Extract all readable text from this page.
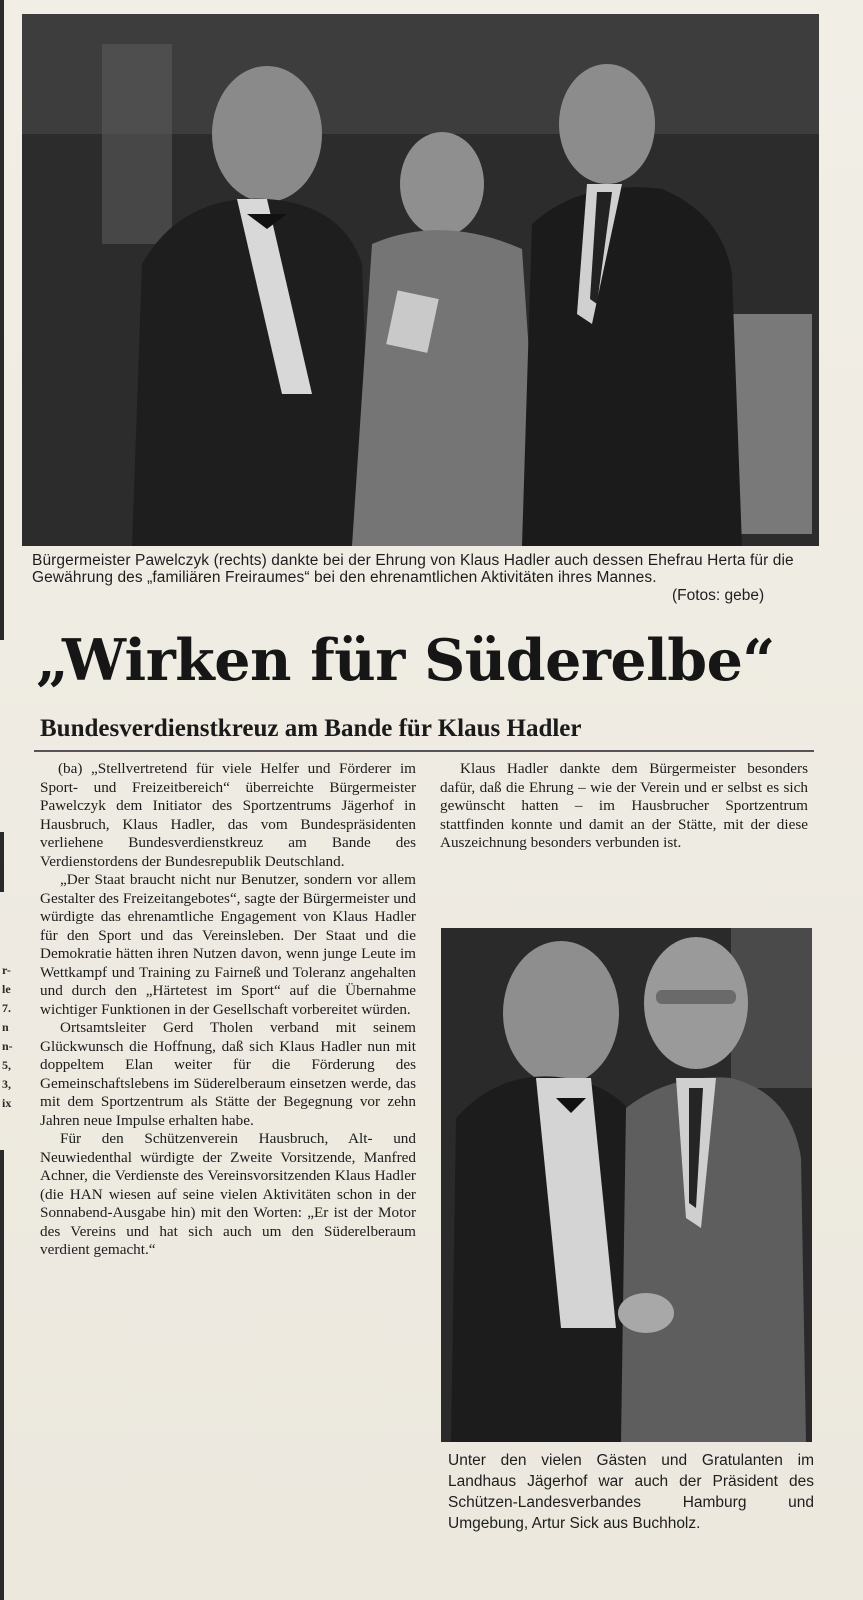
r-
le
7.
n
n-
5,
3,
ix
Bürgermeister Pawelczyk (rechts) dankte bei der Ehrung von Klaus Hadler auch dessen Ehefrau Herta für die Gewährung des „familiären Freiraumes“ bei den ehrenamtlichen Aktivitäten ihres Mannes.
(Fotos: gebe)
„Wirken für Süderelbe“
Bundesverdienstkreuz am Bande für Klaus Hadler

(ba) „Stellvertretend für viele Helfer und Förderer im Sport- und Freizeitbereich“ überreichte Bürgermeister Pawelczyk dem Initiator des Sportzentrums Jägerhof in Hausbruch, Klaus Hadler, das vom Bundespräsidenten verliehene Bundesverdienstkreuz am Bande des Verdienstordens der Bundesrepublik Deutschland.

„Der Staat braucht nicht nur Benutzer, sondern vor allem Gestalter des Freizeitangebotes“, sagte der Bürgermeister und würdigte das ehrenamtliche Engagement von Klaus Hadler für den Sport und das Vereinsleben. Der Staat und die Demokratie hätten ihren Nutzen davon, wenn junge Leute im Wettkampf und Training zu Fairneß und Toleranz angehalten und durch den „Härtetest im Sport“ auf die Übernahme wichtiger Funktionen in der Gesellschaft vorbereitet würden.

Ortsamtsleiter Gerd Tholen verband mit seinem Glückwunsch die Hoffnung, daß sich Klaus Hadler nun mit doppeltem Elan weiter für die Förderung des Gemeinschaftslebens im Süderelberaum einsetzen werde, das mit dem Sportzentrum als Stätte der Begegnung vor zehn Jahren neue Impulse erhalten habe.

Für den Schützenverein Hausbruch, Alt- und Neuwiedenthal würdigte der Zweite Vorsitzende, Manfred Achner, die Verdienste des Vereinsvorsitzenden Klaus Hadler (die HAN wiesen auf seine vielen Aktivitäten schon in der Sonnabend-Ausgabe hin) mit den Worten: „Er ist der Motor des Vereins und hat sich auch um den Süderelberaum verdient gemacht.“

Klaus Hadler dankte dem Bürgermeister besonders dafür, daß die Ehrung – wie der Verein und er selbst es sich gewünscht hatten – im Hausbrucher Sportzentrum stattfinden konnte und damit an der Stätte, mit der diese Auszeichnung besonders verbunden ist.

Unter den vielen Gästen und Gratulanten im Landhaus Jägerhof war auch der Präsident des Schützen-Landesverbandes Hamburg und Umgebung, Artur Sick aus Buchholz.
